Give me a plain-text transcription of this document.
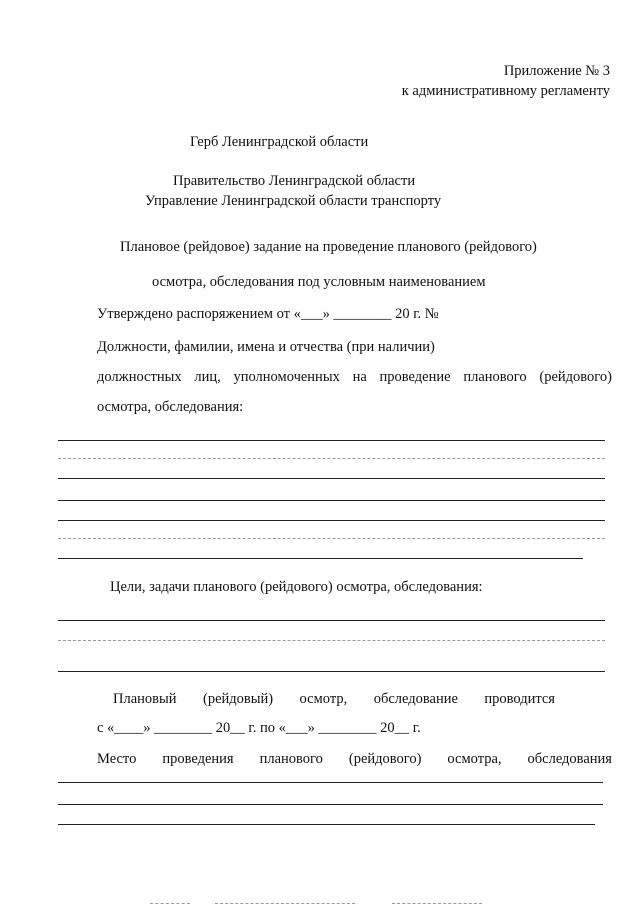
Приложение № 3
к административному регламенту
Герб Ленинградской области
Правительство Ленинградской области
Управление Ленинградской области транспорту
Плановое (рейдовое) задание на проведение планового (рейдового)
осмотра, обследования под условным наименованием
Утверждено распоряжением от «___» ________ 20 г. №
Должности, фамилии, имена и отчества (при наличии)
должностных лиц, уполномоченных на проведение планового (рейдового)
осмотра, обследования:
Цели, задачи планового (рейдового) осмотра, обследования:
Плановый (рейдовый) осмотр, обследование проводится
с «____» ________ 20__ г. по «___» ________ 20__ г.
Место проведения планового (рейдового) осмотра, обследования
